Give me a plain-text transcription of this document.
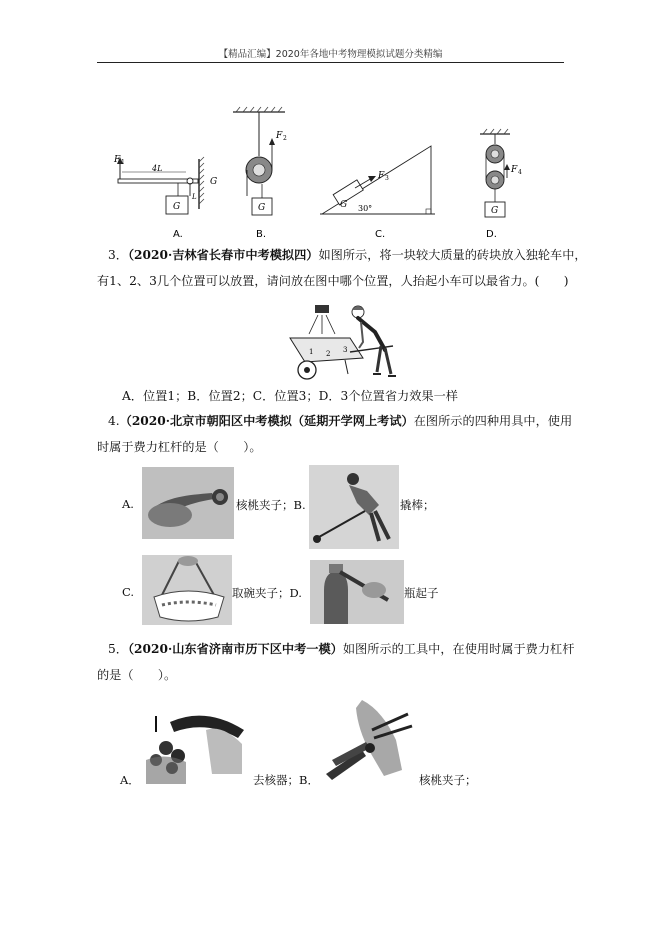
【精品汇编】2020年各地中考物理模拟试题分类精编
F 1
4L
L
G
G
A.
F 2
G
B.
G
F 3
30°
C.
F 4
G
D.
3．（2020·吉林省长春市中考模拟四）如图所示，将一块较大质量的砖块放入独轮车中，
有1、2、3几个位置可以放置，请问放在图中哪个位置，人抬起小车可以最省力。(　　)
1 2 3
A．位置1；B．位置2；C．位置3；D．3个位置省力效果一样
4.（2020·北京市朝阳区中考模拟（延期开学网上考试）在图所示的四种用具中，使用
时属于费力杠杆的是（　　）。
A.	核桃夹子；B.	撬棒；
C.	取碗夹子；D.	瓶起子
5．（2020·山东省济南市历下区中考一模）如图所示的工具中，在使用时属于费力杠杆
的是（　　）。
A．	去核器；B．	核桃夹子；
